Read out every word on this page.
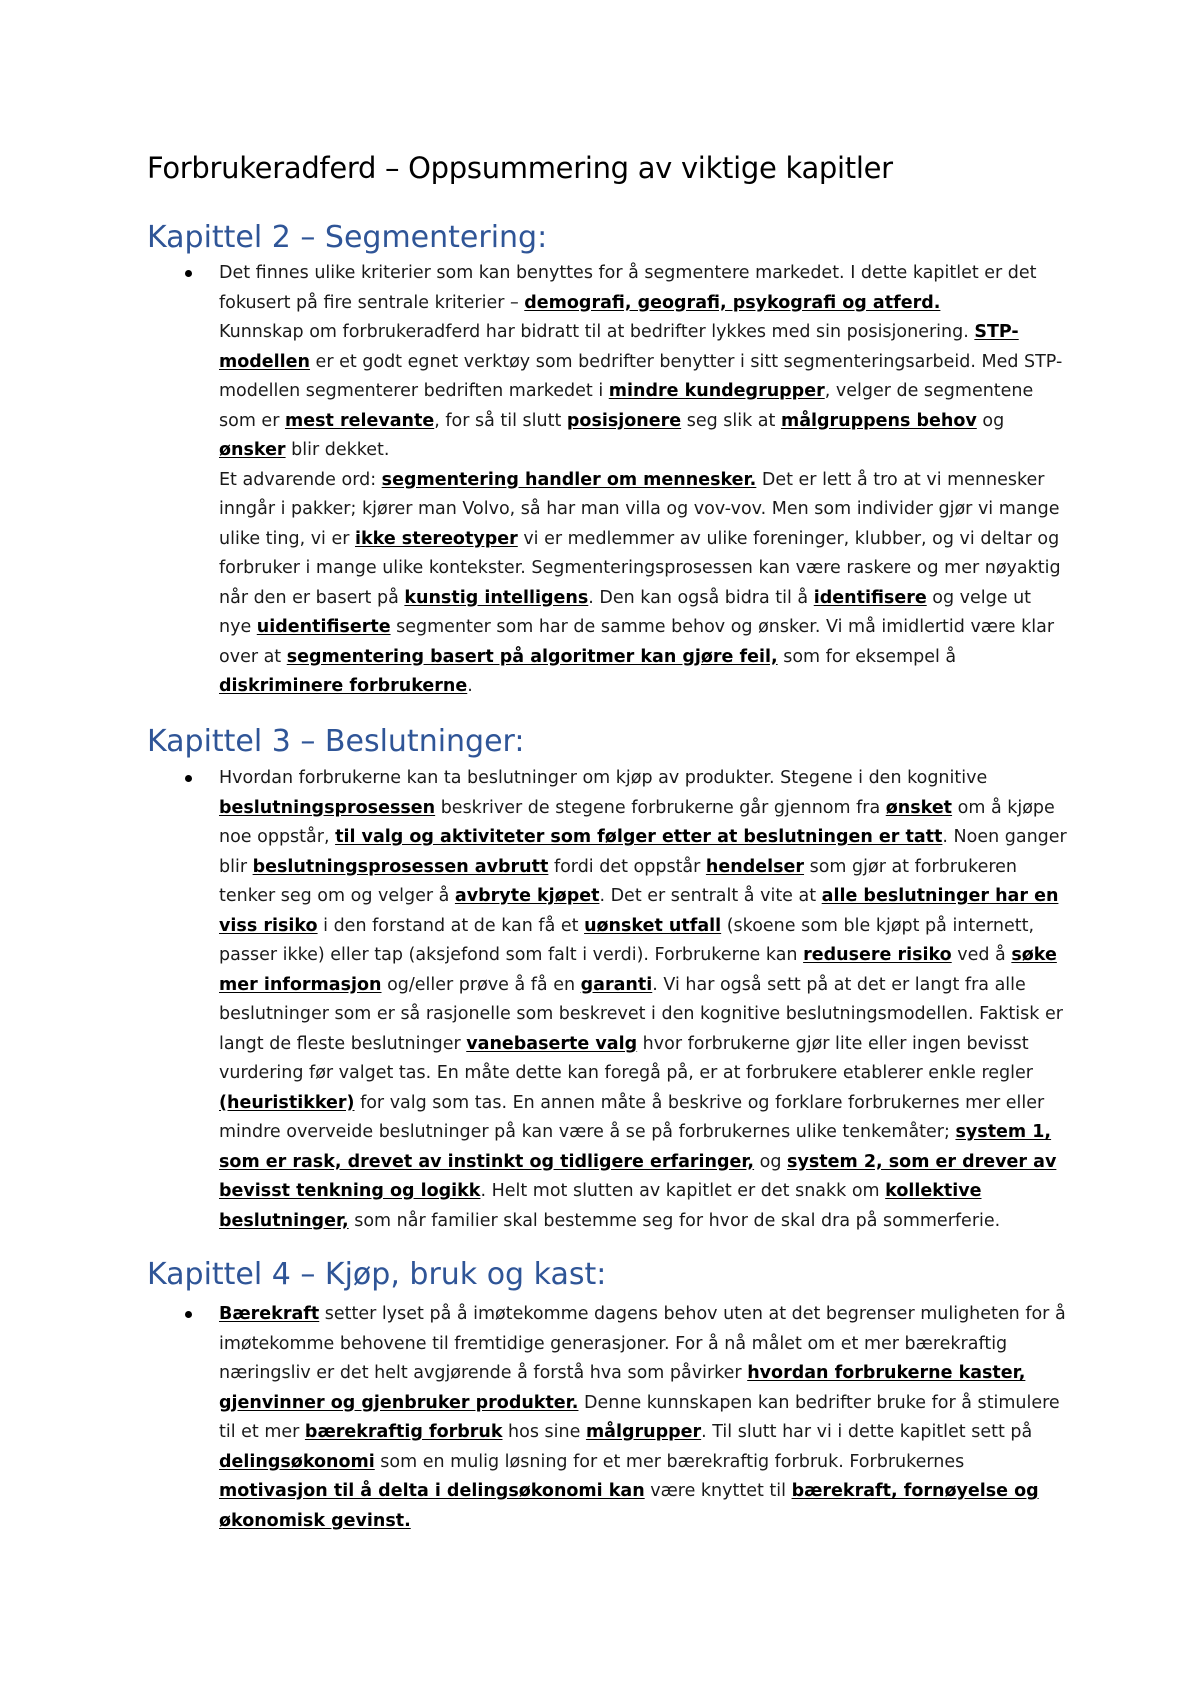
Forbrukeradferd – Oppsummering av viktige kapitler
Kapittel 2 – Segmentering:

Det finnes ulike kriterier som kan benyttes for å segmentere markedet. I dette kapitlet er det fokusert på fire sentrale kriterier – demografi, geografi, psykografi og atferd.

Kunnskap om forbrukeradferd har bidratt til at bedrifter lykkes med sin posisjonering. STP-modellen er et godt egnet verktøy som bedrifter benytter i sitt segmenteringsarbeid. Med STP-modellen segmenterer bedriften markedet i mindre kundegrupper, velger de segmentene som er mest relevante, for så til slutt posisjonere seg slik at målgruppens behov og ønsker blir dekket.

Et advarende ord: segmentering handler om mennesker. Det er lett å tro at vi mennesker inngår i pakker; kjører man Volvo, så har man villa og vov-vov. Men som individer gjør vi mange ulike ting, vi er ikke stereotyper vi er medlemmer av ulike foreninger, klubber, og vi deltar og forbruker i mange ulike kontekster. Segmenteringsprosessen kan være raskere og mer nøyaktig når den er basert på kunstig intelligens. Den kan også bidra til å identifisere og velge ut nye uidentifiserte segmenter som har de samme behov og ønsker. Vi må imidlertid være klar over at segmentering basert på algoritmer kan gjøre feil, som for eksempel å diskriminere forbrukerne.

Kapittel 3 – Beslutninger:

Hvordan forbrukerne kan ta beslutninger om kjøp av produkter. Stegene i den kognitive beslutningsprosessen beskriver de stegene forbrukerne går gjennom fra ønsket om å kjøpe noe oppstår, til valg og aktiviteter som følger etter at beslutningen er tatt. Noen ganger blir beslutningsprosessen avbrutt fordi det oppstår hendelser som gjør at forbrukeren tenker seg om og velger å avbryte kjøpet. Det er sentralt å vite at alle beslutninger har en viss risiko i den forstand at de kan få et uønsket utfall (skoene som ble kjøpt på internett, passer ikke) eller tap (aksjefond som falt i verdi). Forbrukerne kan redusere risiko ved å søke mer informasjon og/eller prøve å få en garanti. Vi har også sett på at det er langt fra alle beslutninger som er så rasjonelle som beskrevet i den kognitive beslutningsmodellen. Faktisk er langt de fleste beslutninger vanebaserte valg hvor forbrukerne gjør lite eller ingen bevisst vurdering før valget tas. En måte dette kan foregå på, er at forbrukere etablerer enkle regler (heuristikker) for valg som tas. En annen måte å beskrive og forklare forbrukernes mer eller mindre overveide beslutninger på kan være å se på forbrukernes ulike tenkemåter; system 1, som er rask, drevet av instinkt og tidligere erfaringer, og system 2, som er drever av bevisst tenkning og logikk. Helt mot slutten av kapitlet er det snakk om kollektive beslutninger, som når familier skal bestemme seg for hvor de skal dra på sommerferie.

Kapittel 4 – Kjøp, bruk og kast:

Bærekraft setter lyset på å imøtekomme dagens behov uten at det begrenser muligheten for å imøtekomme behovene til fremtidige generasjoner. For å nå målet om et mer bærekraftig næringsliv er det helt avgjørende å forstå hva som påvirker hvordan forbrukerne kaster, gjenvinner og gjenbruker produkter. Denne kunnskapen kan bedrifter bruke for å stimulere til et mer bærekraftig forbruk hos sine målgrupper. Til slutt har vi i dette kapitlet sett på delingsøkonomi som en mulig løsning for et mer bærekraftig forbruk. Forbrukernes motivasjon til å delta i delingsøkonomi kan være knyttet til bærekraft, fornøyelse og økonomisk gevinst.
